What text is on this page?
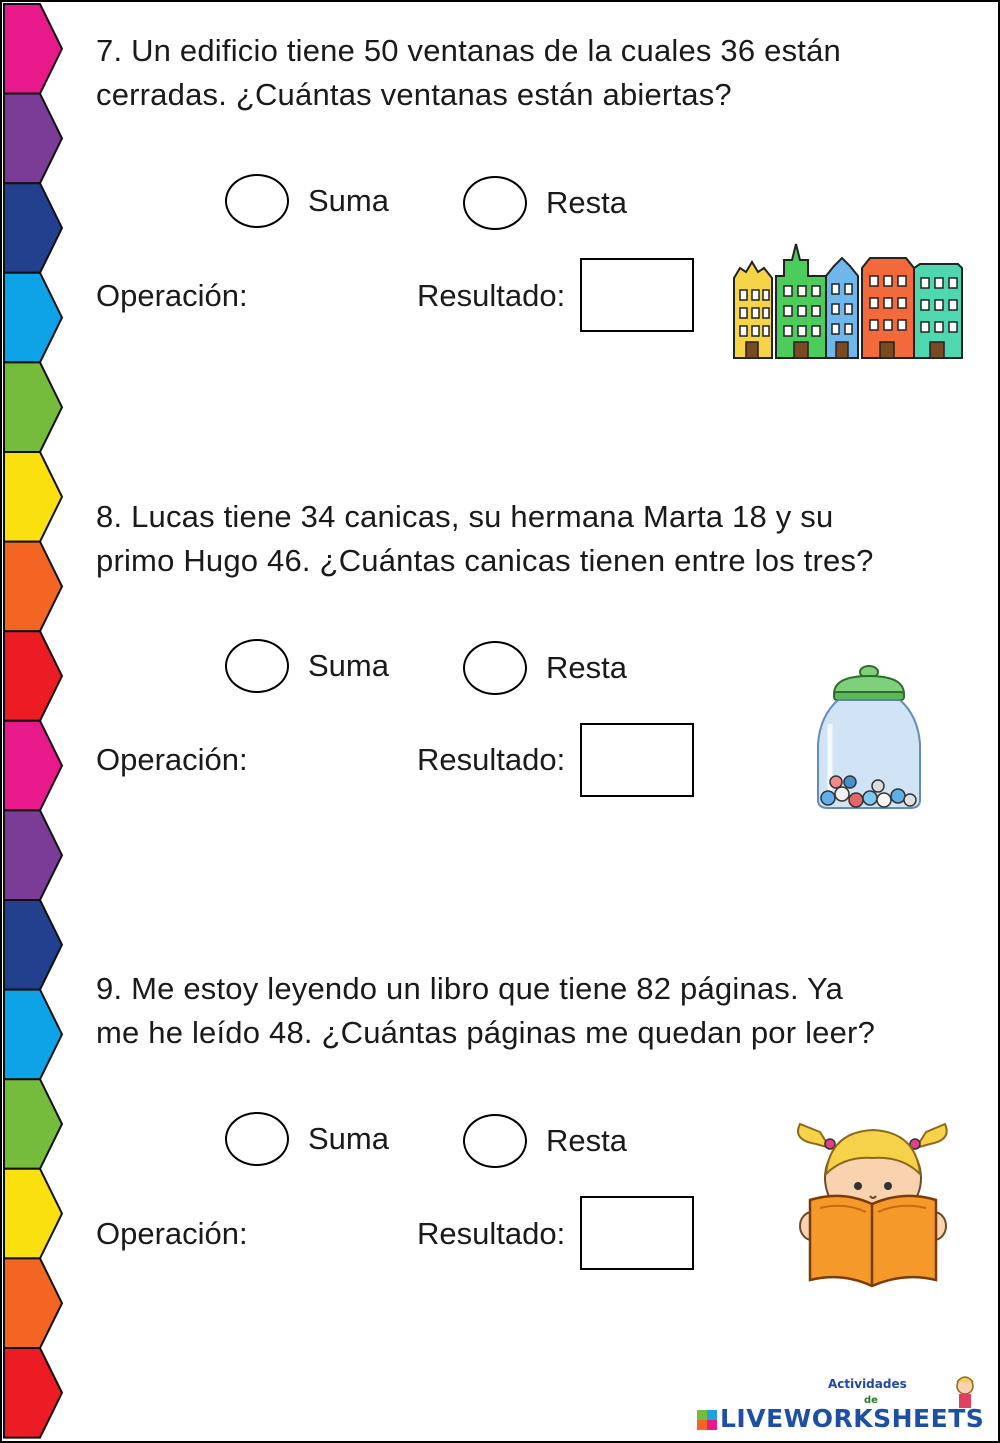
7. Un edificio tiene 50 ventanas de la cuales 36 están
cerradas. ¿Cuántas ventanas están abiertas?
Suma	Resta
Operación:	Resultado:
8. Lucas tiene 34 canicas, su hermana Marta 18 y su
primo Hugo 46. ¿Cuántas canicas tienen entre los tres?
Suma	Resta
Operación:	Resultado:
9. Me estoy leyendo un libro que tiene 82 páginas. Ya
me he leído 48. ¿Cuántas páginas me quedan por leer?
Suma	Resta
Operación:	Resultado:
Actividades
de
LIVEWORKSHEETS
